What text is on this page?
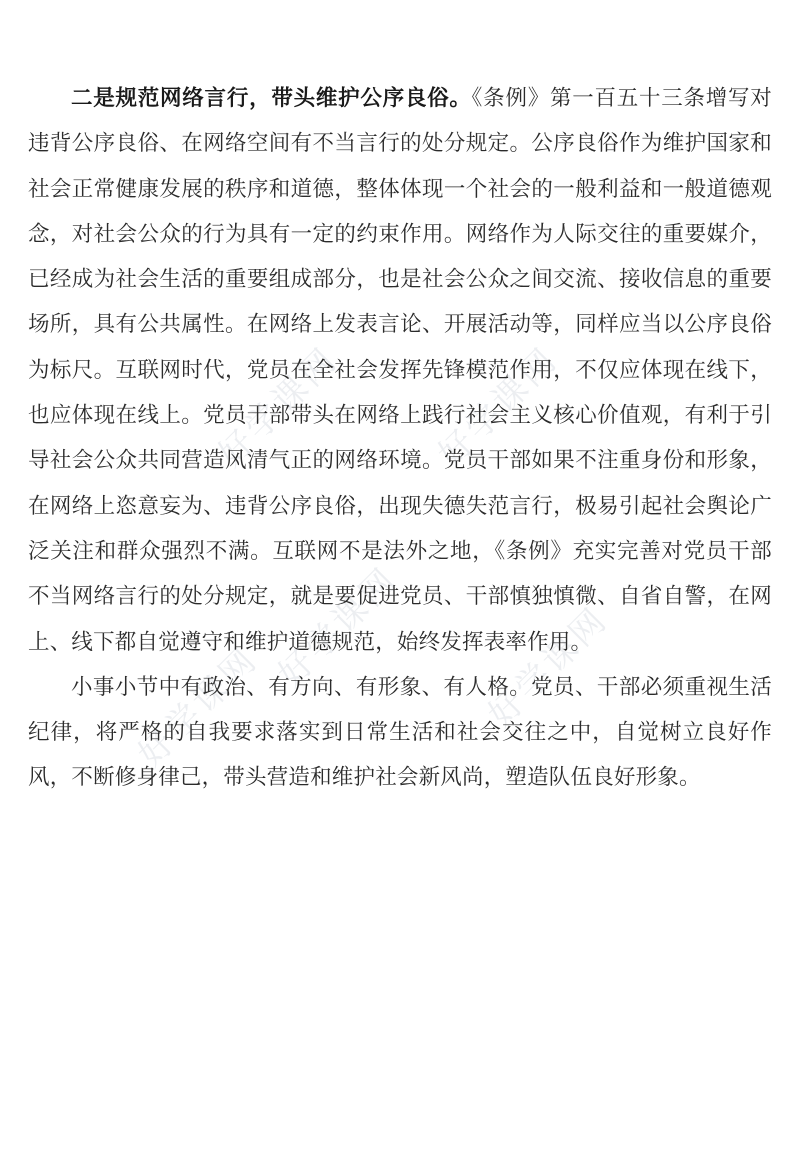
好学课网 好学课网
好学课网 好学课网
好学课网

二是规范网络言行，带头维护公序良俗。《条例》第一百五十三条增写对违背公序良俗、在网络空间有不当言行的处分规定。公序良俗作为维护国家和社会正常健康发展的秩序和道德，整体体现一个社会的一般利益和一般道德观念，对社会公众的行为具有一定的约束作用。网络作为人际交往的重要媒介，已经成为社会生活的重要组成部分，也是社会公众之间交流、接收信息的重要场所，具有公共属性。在网络上发表言论、开展活动等，同样应当以公序良俗为标尺。互联网时代，党员在全社会发挥先锋模范作用，不仅应体现在线下，也应体现在线上。党员干部带头在网络上践行社会主义核心价值观，有利于引导社会公众共同营造风清气正的网络环境。党员干部如果不注重身份和形象，在网络上恣意妄为、违背公序良俗，出现失德失范言行，极易引起社会舆论广泛关注和群众强烈不满。互联网不是法外之地，《条例》充实完善对党员干部不当网络言行的处分规定，就是要促进党员、干部慎独慎微、自省自警，在网上、线下都自觉遵守和维护道德规范，始终发挥表率作用。

小事小节中有政治、有方向、有形象、有人格。党员、干部必须重视生活纪律，将严格的自我要求落实到日常生活和社会交往之中，自觉树立良好作风，不断修身律己，带头营造和维护社会新风尚，塑造队伍良好形象。
